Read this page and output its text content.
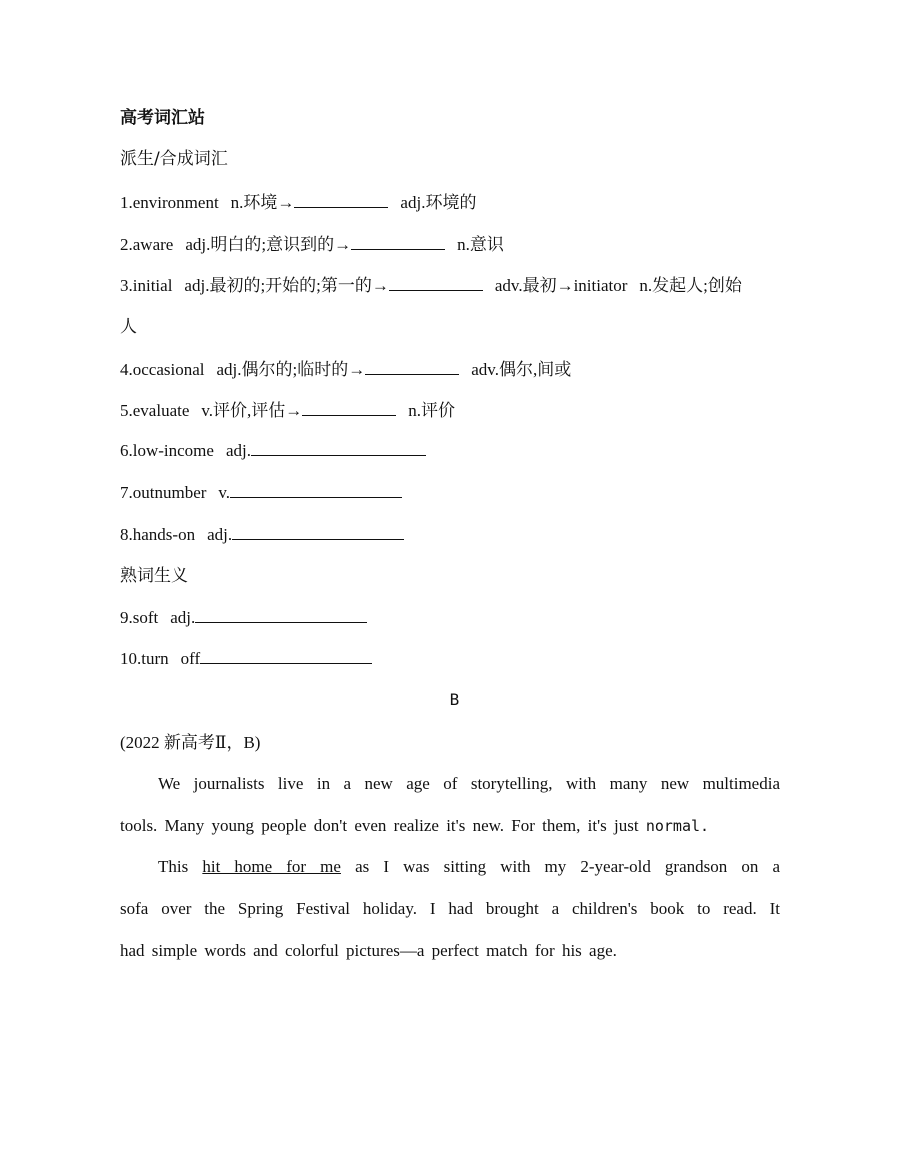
高考词汇站
派生/合成词汇
1.environment n.环境→	adj.环境的
2.aware adj.明白的;意识到的→	n.意识
3.initial adj.最初的;开始的;第一的→	adv.最初→initiator n.发起人;创始
人
4.occasional adj.偶尔的;临时的→	adv.偶尔,间或
5.evaluate v.评价,评估→	n.评价
6.low-income adj.
7.outnumber v.
8.hands-on adj.
熟词生义
9.soft adj.
10.turn off
B
(2022 新高考Ⅱ，B)
We journalists live in a new age of storytelling, with many new multimedia
tools. Many young people don't even realize it's new. For them, it's just normal.
This hit home for me as I was sitting with my 2-year-old grandson on a
sofa over the Spring Festival holiday. I had brought a children's book to read. It
had simple words and colorful pictures—a perfect match for his age.
